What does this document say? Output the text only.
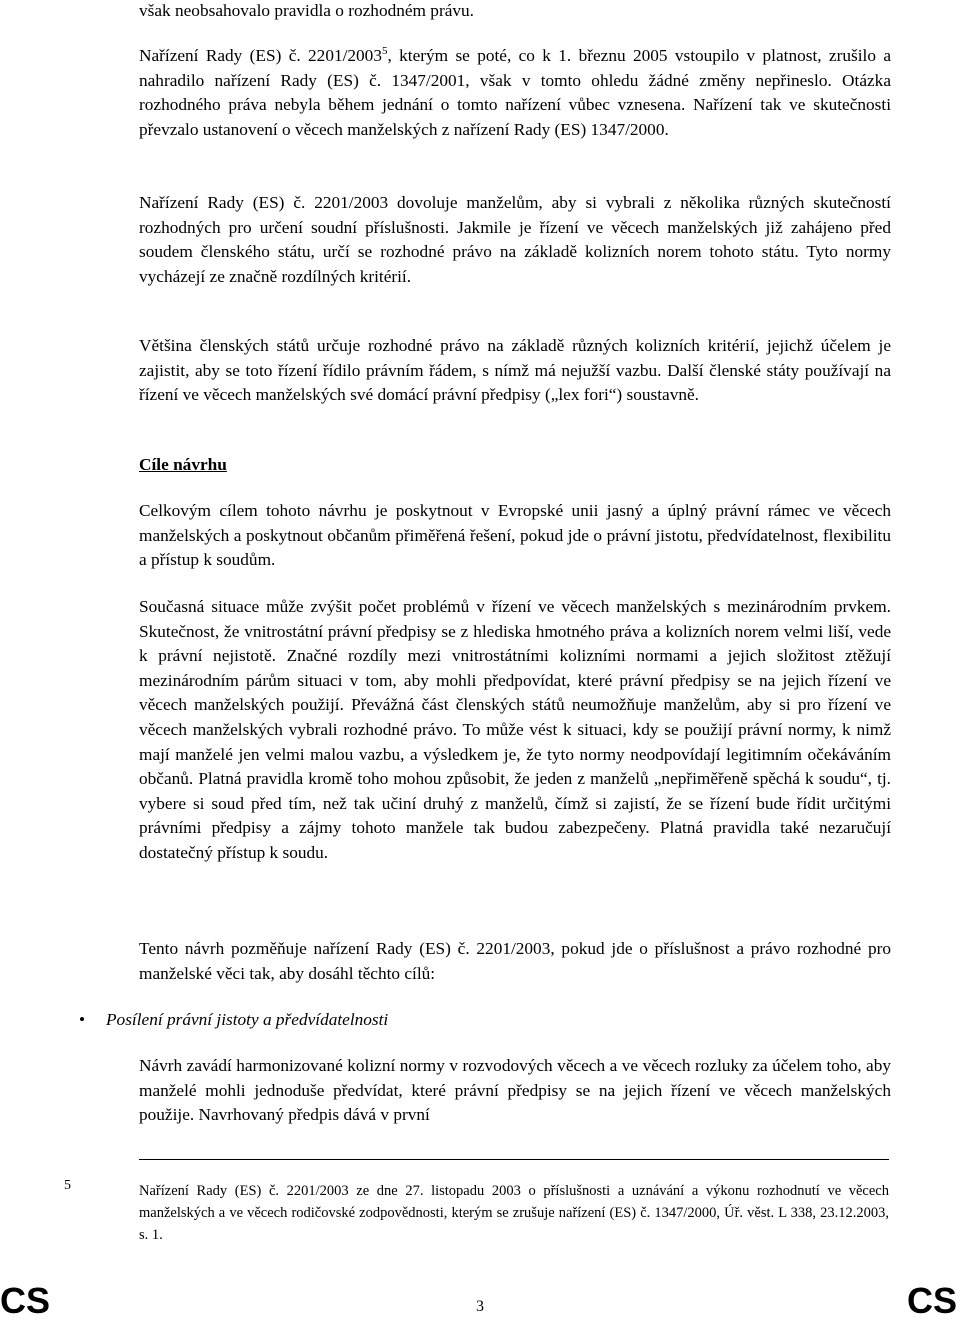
však neobsahovalo pravidla o rozhodném právu.

Nařízení Rady (ES) č. 2201/2003$^5$, kterým se poté, co k 1. březnu 2005 vstoupilo v platnost, zrušilo a nahradilo nařízení Rady (ES) č. 1347/2001, však v tomto ohledu žádné změny nepřineslo. Otázka rozhodného práva nebyla během jednání o tomto nařízení vůbec vznesena. Nařízení tak ve skutečnosti převzalo ustanovení o věcech manželských z nařízení Rady (ES) 1347/2000.

Nařízení Rady (ES) č. 2201/2003 dovoluje manželům, aby si vybrali z několika různých skutečností rozhodných pro určení soudní příslušnosti. Jakmile je řízení ve věcech manželských již zahájeno před soudem členského státu, určí se rozhodné právo na základě kolizních norem tohoto státu. Tyto normy vycházejí ze značně rozdílných kritérií.

Většina členských států určuje rozhodné právo na základě různých kolizních kritérií, jejichž účelem je zajistit, aby se toto řízení řídilo právním řádem, s nímž má nejužší vazbu. Další členské státy používají na řízení ve věcech manželských své domácí právní předpisy („lex fori“) soustavně.

Cíle návrhu

Celkovým cílem tohoto návrhu je poskytnout v Evropské unii jasný a úplný právní rámec ve věcech manželských a poskytnout občanům přiměřená řešení, pokud jde o právní jistotu, předvídatelnost, flexibilitu a přístup k soudům.

Současná situace může zvýšit počet problémů v řízení ve věcech manželských s mezinárodním prvkem. Skutečnost, že vnitrostátní právní předpisy se z hlediska hmotného práva a kolizních norem velmi liší, vede k právní nejistotě. Značné rozdíly mezi vnitrostátními kolizními normami a jejich složitost ztěžují mezinárodním párům situaci v tom, aby mohli předpovídat, které právní předpisy se na jejich řízení ve věcech manželských použijí. Převážná část členských států neumožňuje manželům, aby si pro řízení ve věcech manželských vybrali rozhodné právo. To může vést k situaci, kdy se použijí právní normy, k nimž mají manželé jen velmi malou vazbu, a výsledkem je, že tyto normy neodpovídají legitimním očekáváním občanů. Platná pravidla kromě toho mohou způsobit, že jeden z manželů „nepřiměřeně spěchá k soudu“, tj. vybere si soud před tím, než tak učiní druhý z manželů, čímž si zajistí, že se řízení bude řídit určitými právními předpisy a zájmy tohoto manžele tak budou zabezpečeny. Platná pravidla také nezaručují dostatečný přístup k soudu.

Tento návrh pozměňuje nařízení Rady (ES) č. 2201/2003, pokud jde o příslušnost a právo rozhodné pro manželské věci tak, aby dosáhl těchto cílů:

•	Posílení právní jistoty a předvídatelnosti

Návrh zavádí harmonizované kolizní normy v rozvodových věcech a ve věcech rozluky za účelem toho, aby manželé mohli jednoduše předvídat, které právní předpisy se na jejich řízení ve věcech manželských použije. Navrhovaný předpis dává v první

5	Nařízení Rady (ES) č. 2201/2003 ze dne 27. listopadu 2003 o příslušnosti a uznávání a výkonu rozhodnutí ve věcech manželských a ve věcech rodičovské zodpovědnosti, kterým se zrušuje nařízení (ES) č. 1347/2000, Úř. věst. L 338, 23.12.2003, s. 1.
CS	3	CS
